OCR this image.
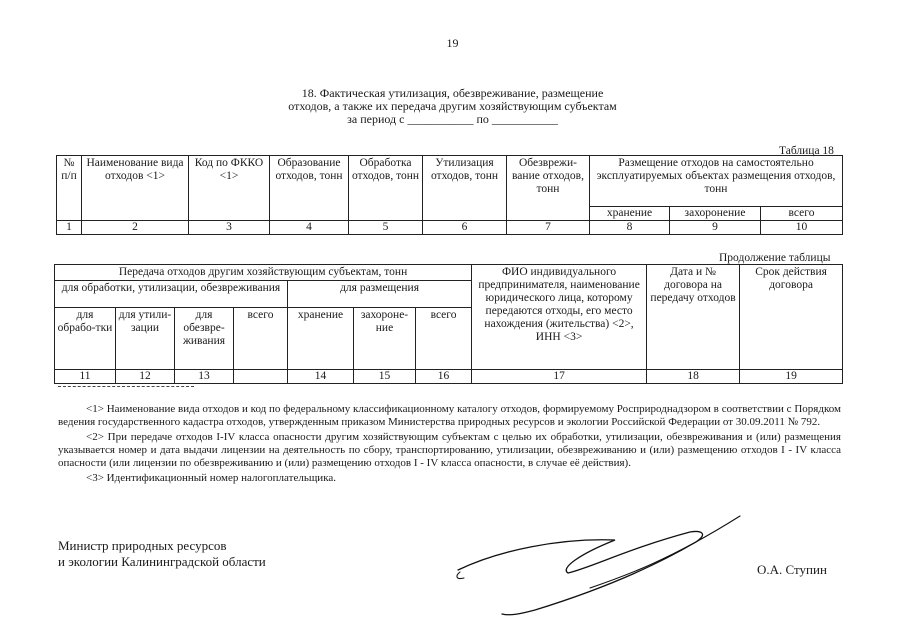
19
18. Фактическая утилизация, обезвреживание, размещение
отходов, а также их передача другим хозяйствующим субъектам
за период с ___________ по ___________
Таблица 18
№ п/п	Наименование вида отходов <1>	Код по ФККО <1>	Образование отходов, тонн	Обработка отходов, тонн	Утилизация отходов, тонн	Обезврежи-вание отходов, тонн	Размещение отходов на самостоятельно эксплуатируемых объектах размещения отходов, тонн		
							хранение	захоронение	всего
1	2	3	4	5	6	7	8	9	10
Продолжение таблицы
Передача отходов другим хозяйствующим субъектам, тонн							ФИО индивидуального предпринимателя, наименование юридического лица, которому передаются отходы, его место нахождения (жительства) <2>, ИНН <3>	Дата и № договора на передачу отходов	Срок действия договора
для обработки, утилизации, обезвреживания				для размещения					
для обрабо-тки	для утили-зации	для обезвре-живания	всего	хранение	захороне-ние	всего			
11	12	13		14	15	16	17	18	19

<1> Наименование вида отходов и код по федеральному классификационному каталогу отходов, формируемому Росприроднадзором в соответствии с Порядком ведения государственного кадастра отходов, утвержденным приказом Министерства природных ресурсов и экологии Российской Федерации от 30.09.2011 № 792.

<2> При передаче отходов I-IV класса опасности другим хозяйствующим субъектам с целью их обработки, утилизации, обезвреживания и (или) размещения указывается номер и дата выдачи лицензии на деятельность по сбору, транспортированию, утилизации, обезвреживанию и (или) размещению отходов I - IV класса опасности (или лицензии по обезвреживанию и (или) размещению отходов I - IV класса опасности, в случае её действия).

<3> Идентификационный номер налогоплательщика.

Министр природных ресурсов
и экологии Калининградской области
О.А. Ступин
